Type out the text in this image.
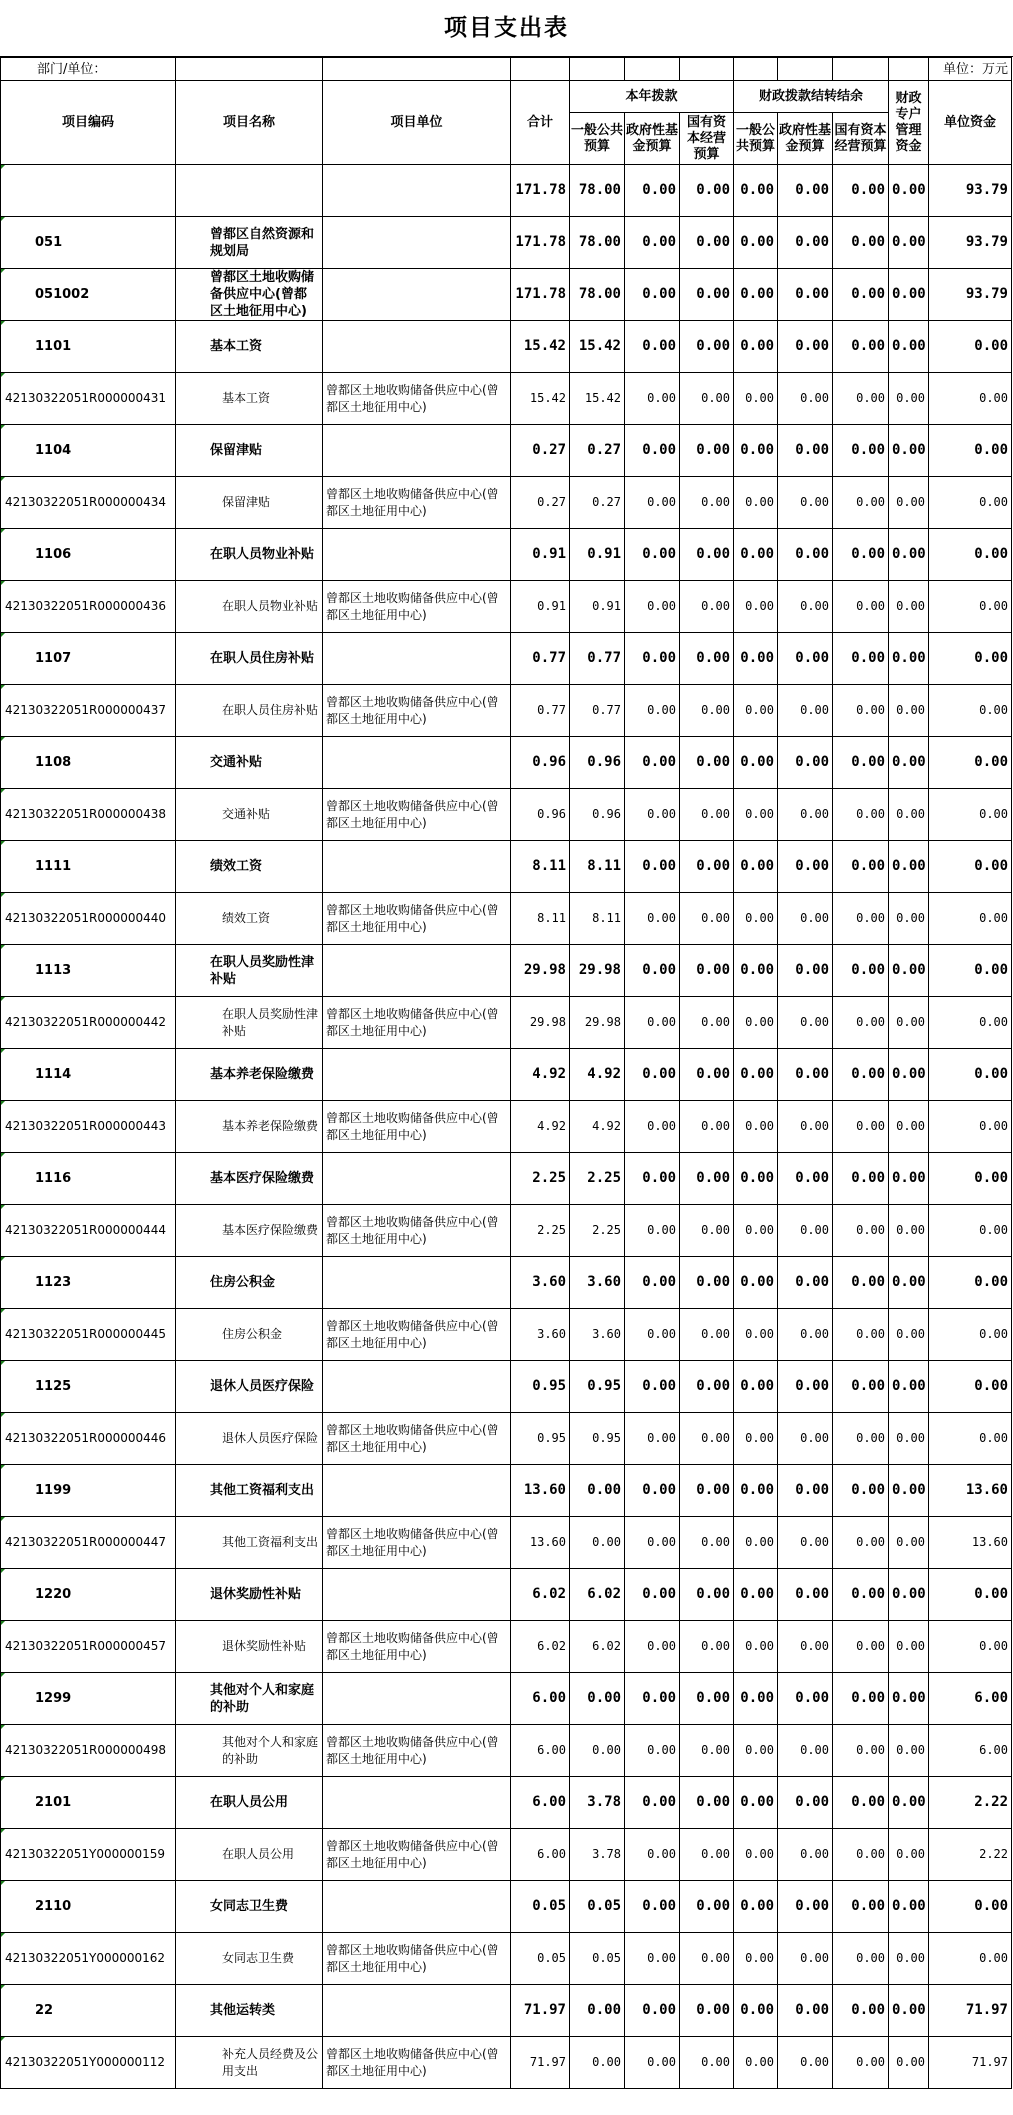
项目支出表
部门/单位：											单位：万元
项目编码	项目名称	项目单位	合计	本年拨款			财政拨款结转结余			财政专户管理资金	单位资金
				一般公共预算	政府性基金预算	国有资本经营预算	一般公共预算	政府性基金预算	国有资本经营预算		
			171.78	78.00	0.00	0.00	0.00	0.00	0.00	0.00	93.79
051	曾都区自然资源和规划局		171.78	78.00	0.00	0.00	0.00	0.00	0.00	0.00	93.79
051002	曾都区土地收购储备供应中心(曾都区土地征用中心)		171.78	78.00	0.00	0.00	0.00	0.00	0.00	0.00	93.79
1101	基本工资		15.42	15.42	0.00	0.00	0.00	0.00	0.00	0.00	0.00
42130322051R000000431	基本工资	曾都区土地收购储备供应中心(曾都区土地征用中心)	15.42	15.42	0.00	0.00	0.00	0.00	0.00	0.00	0.00
1104	保留津贴		0.27	0.27	0.00	0.00	0.00	0.00	0.00	0.00	0.00
42130322051R000000434	保留津贴	曾都区土地收购储备供应中心(曾都区土地征用中心)	0.27	0.27	0.00	0.00	0.00	0.00	0.00	0.00	0.00
1106	在职人员物业补贴		0.91	0.91	0.00	0.00	0.00	0.00	0.00	0.00	0.00
42130322051R000000436	在职人员物业补贴	曾都区土地收购储备供应中心(曾都区土地征用中心)	0.91	0.91	0.00	0.00	0.00	0.00	0.00	0.00	0.00
1107	在职人员住房补贴		0.77	0.77	0.00	0.00	0.00	0.00	0.00	0.00	0.00
42130322051R000000437	在职人员住房补贴	曾都区土地收购储备供应中心(曾都区土地征用中心)	0.77	0.77	0.00	0.00	0.00	0.00	0.00	0.00	0.00
1108	交通补贴		0.96	0.96	0.00	0.00	0.00	0.00	0.00	0.00	0.00
42130322051R000000438	交通补贴	曾都区土地收购储备供应中心(曾都区土地征用中心)	0.96	0.96	0.00	0.00	0.00	0.00	0.00	0.00	0.00
1111	绩效工资		8.11	8.11	0.00	0.00	0.00	0.00	0.00	0.00	0.00
42130322051R000000440	绩效工资	曾都区土地收购储备供应中心(曾都区土地征用中心)	8.11	8.11	0.00	0.00	0.00	0.00	0.00	0.00	0.00
1113	在职人员奖励性津补贴		29.98	29.98	0.00	0.00	0.00	0.00	0.00	0.00	0.00
42130322051R000000442	在职人员奖励性津补贴	曾都区土地收购储备供应中心(曾都区土地征用中心)	29.98	29.98	0.00	0.00	0.00	0.00	0.00	0.00	0.00
1114	基本养老保险缴费		4.92	4.92	0.00	0.00	0.00	0.00	0.00	0.00	0.00
42130322051R000000443	基本养老保险缴费	曾都区土地收购储备供应中心(曾都区土地征用中心)	4.92	4.92	0.00	0.00	0.00	0.00	0.00	0.00	0.00
1116	基本医疗保险缴费		2.25	2.25	0.00	0.00	0.00	0.00	0.00	0.00	0.00
42130322051R000000444	基本医疗保险缴费	曾都区土地收购储备供应中心(曾都区土地征用中心)	2.25	2.25	0.00	0.00	0.00	0.00	0.00	0.00	0.00
1123	住房公积金		3.60	3.60	0.00	0.00	0.00	0.00	0.00	0.00	0.00
42130322051R000000445	住房公积金	曾都区土地收购储备供应中心(曾都区土地征用中心)	3.60	3.60	0.00	0.00	0.00	0.00	0.00	0.00	0.00
1125	退休人员医疗保险		0.95	0.95	0.00	0.00	0.00	0.00	0.00	0.00	0.00
42130322051R000000446	退休人员医疗保险	曾都区土地收购储备供应中心(曾都区土地征用中心)	0.95	0.95	0.00	0.00	0.00	0.00	0.00	0.00	0.00
1199	其他工资福利支出		13.60	0.00	0.00	0.00	0.00	0.00	0.00	0.00	13.60
42130322051R000000447	其他工资福利支出	曾都区土地收购储备供应中心(曾都区土地征用中心)	13.60	0.00	0.00	0.00	0.00	0.00	0.00	0.00	13.60
1220	退休奖励性补贴		6.02	6.02	0.00	0.00	0.00	0.00	0.00	0.00	0.00
42130322051R000000457	退休奖励性补贴	曾都区土地收购储备供应中心(曾都区土地征用中心)	6.02	6.02	0.00	0.00	0.00	0.00	0.00	0.00	0.00
1299	其他对个人和家庭的补助		6.00	0.00	0.00	0.00	0.00	0.00	0.00	0.00	6.00
42130322051R000000498	其他对个人和家庭的补助	曾都区土地收购储备供应中心(曾都区土地征用中心)	6.00	0.00	0.00	0.00	0.00	0.00	0.00	0.00	6.00
2101	在职人员公用		6.00	3.78	0.00	0.00	0.00	0.00	0.00	0.00	2.22
42130322051Y000000159	在职人员公用	曾都区土地收购储备供应中心(曾都区土地征用中心)	6.00	3.78	0.00	0.00	0.00	0.00	0.00	0.00	2.22
2110	女同志卫生费		0.05	0.05	0.00	0.00	0.00	0.00	0.00	0.00	0.00
42130322051Y000000162	女同志卫生费	曾都区土地收购储备供应中心(曾都区土地征用中心)	0.05	0.05	0.00	0.00	0.00	0.00	0.00	0.00	0.00
22	其他运转类		71.97	0.00	0.00	0.00	0.00	0.00	0.00	0.00	71.97
42130322051Y000000112	补充人员经费及公用支出	曾都区土地收购储备供应中心(曾都区土地征用中心)	71.97	0.00	0.00	0.00	0.00	0.00	0.00	0.00	71.97
